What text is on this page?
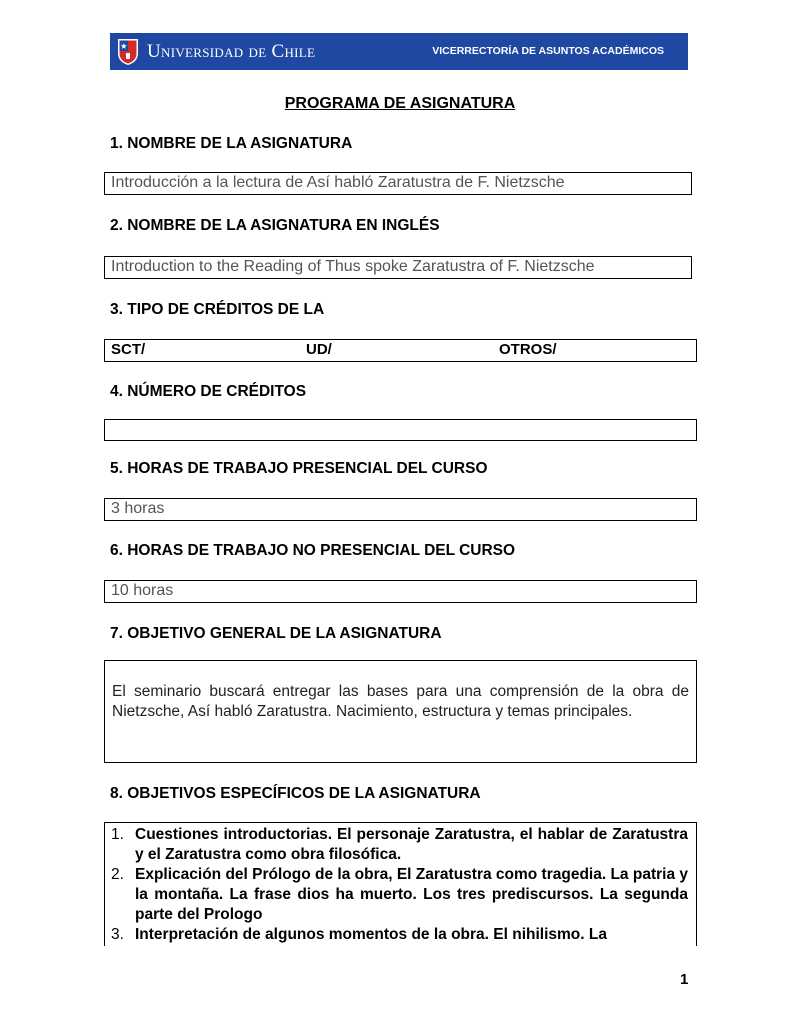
Universidad de Chile	VICERRECTORÍA DE ASUNTOS ACADÉMICOS
PROGRAMA DE ASIGNATURA
1. NOMBRE DE LA ASIGNATURA
Introducción a la lectura de Así habló Zaratustra de F. Nietzsche
2. NOMBRE DE LA ASIGNATURA EN INGLÉS
Introduction to the Reading of Thus spoke Zaratustra of F. Nietzsche
3. TIPO DE CRÉDITOS DE LA
SCT/	UD/	OTROS/
4. NÚMERO DE CRÉDITOS
5. HORAS DE TRABAJO PRESENCIAL DEL CURSO
3 horas
6. HORAS DE TRABAJO NO PRESENCIAL DEL CURSO
10 horas
7. OBJETIVO GENERAL DE LA ASIGNATURA
El seminario buscará entregar las bases para una comprensión de la obra de Nietzsche, Así habló Zaratustra. Nacimiento, estructura y temas principales.
8. OBJETIVOS ESPECÍFICOS DE LA ASIGNATURA
1. Cuestiones introductorias. El personaje Zaratustra, el hablar de Zaratustra y el Zaratustra como obra filosófica.
2. Explicación del Prólogo de la obra, El Zaratustra como tragedia. La patria y la montaña. La frase dios ha muerto. Los tres prediscursos. La segunda parte del Prologo
3. Interpretación de algunos momentos de la obra. El nihilismo. La
1
